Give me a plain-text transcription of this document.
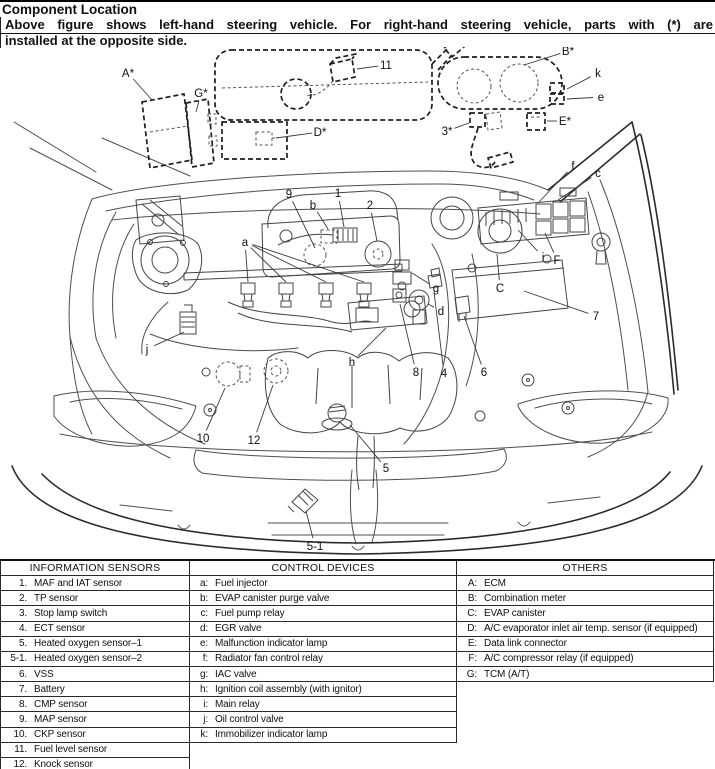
Component Location
Above figure shows left-hand steering vehicle. For right-hand steering vehicle, parts with (*) are
installed at the opposite side.
A*
G*
11
D*
B*
k
e
E*
3*
f
c
9
b
1
2
a
g
d
i F
C
7
j
h
8 4	6
10	12
5
5-1
INFORMATION SENSORS
1. MAF and IAT sensor
2. TP sensor
3. Stop lamp switch
4. ECT sensor
5. Heated oxygen sensor–1
5-1. Heated oxygen sensor–2
6. VSS
7. Battery
8. CMP sensor
9. MAP sensor
10. CKP sensor
11. Fuel level sensor
12. Knock sensor
CONTROL DEVICES
a: Fuel injector
b: EVAP canister purge valve
c: Fuel pump relay
d: EGR valve
e: Malfunction indicator lamp
f: Radiator fan control relay
g: IAC valve
h: Ignition coil assembly (with ignitor)
i: Main relay
j: Oil control valve
k: Immobilizer indicator lamp
OTHERS
A: ECM
B: Combination meter
C: EVAP canister
D: A/C evaporator inlet air temp. sensor (if equipped)
E: Data link connector
F: A/C compressor relay (if equipped)
G: TCM (A/T)
